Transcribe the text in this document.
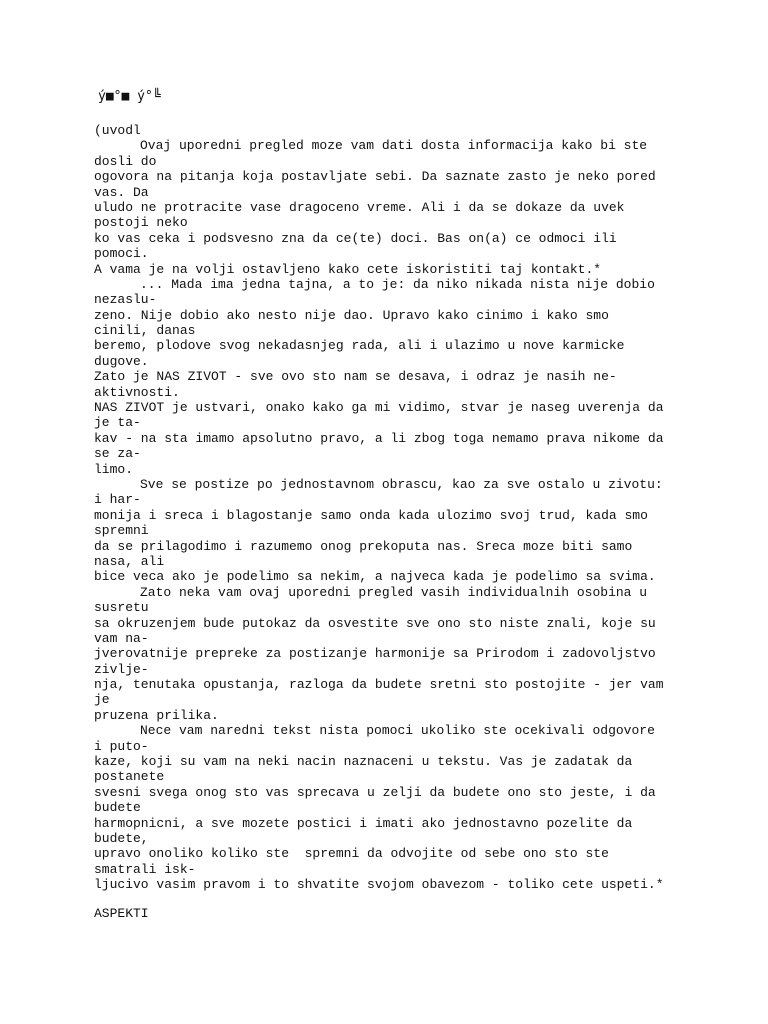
ý■°■ ý°╚
(uvodl
Ovaj uporedni pregled moze vam dati dosta informacija kako bi ste
dosli do
ogovora na pitanja koja postavljate sebi. Da saznate zasto je neko pored
vas. Da
uludo ne protracite vase dragoceno vreme. Ali i da se dokaze da uvek
postoji neko
ko vas ceka i podsvesno zna da ce(te) doci. Bas on(a) ce odmoci ili
pomoci.
A vama je na volji ostavljeno kako cete iskoristiti taj kontakt.*
... Mada ima jedna tajna, a to je: da niko nikada nista nije dobio
nezaslu-
zeno. Nije dobio ako nesto nije dao. Upravo kako cinimo i kako smo
cinili, danas
beremo, plodove svog nekadasnjeg rada, ali i ulazimo u nove karmicke
dugove.
Zato je NAS ZIVOT - sve ovo sto nam se desava, i odraz je nasih ne-
aktivnosti.
NAS ZIVOT je ustvari, onako kako ga mi vidimo, stvar je naseg uverenja da
je ta-
kav - na sta imamo apsolutno pravo, a li zbog toga nemamo prava nikome da
se za-
limo.
Sve se postize po jednostavnom obrascu, kao za sve ostalo u zivotu:
i har-
monija i sreca i blagostanje samo onda kada ulozimo svoj trud, kada smo
spremni
da se prilagodimo i razumemo onog prekoputa nas. Sreca moze biti samo
nasa, ali
bice veca ako je podelimo sa nekim, a najveca kada je podelimo sa svima.
Zato neka vam ovaj uporedni pregled vasih individualnih osobina u
susretu
sa okruzenjem bude putokaz da osvestite sve ono sto niste znali, koje su
vam na-
jverovatnije prepreke za postizanje harmonije sa Prirodom i zadovoljstvo
zivlje-
nja, tenutaka opustanja, razloga da budete sretni sto postojite - jer vam
je
pruzena prilika.
Nece vam naredni tekst nista pomoci ukoliko ste ocekivali odgovore
i puto-
kaze, koji su vam na neki nacin naznaceni u tekstu. Vas je zadatak da
postanete
svesni svega onog sto vas sprecava u zelji da budete ono sto jeste, i da
budete
harmopnicni, a sve mozete postici i imati ako jednostavno pozelite da
budete,
upravo onoliko koliko ste  spremni da odvojite od sebe ono sto ste
smatrali isk-
ljucivo vasim pravom i to shvatite svojom obavezom - toliko cete uspeti.*
ASPEKTI
